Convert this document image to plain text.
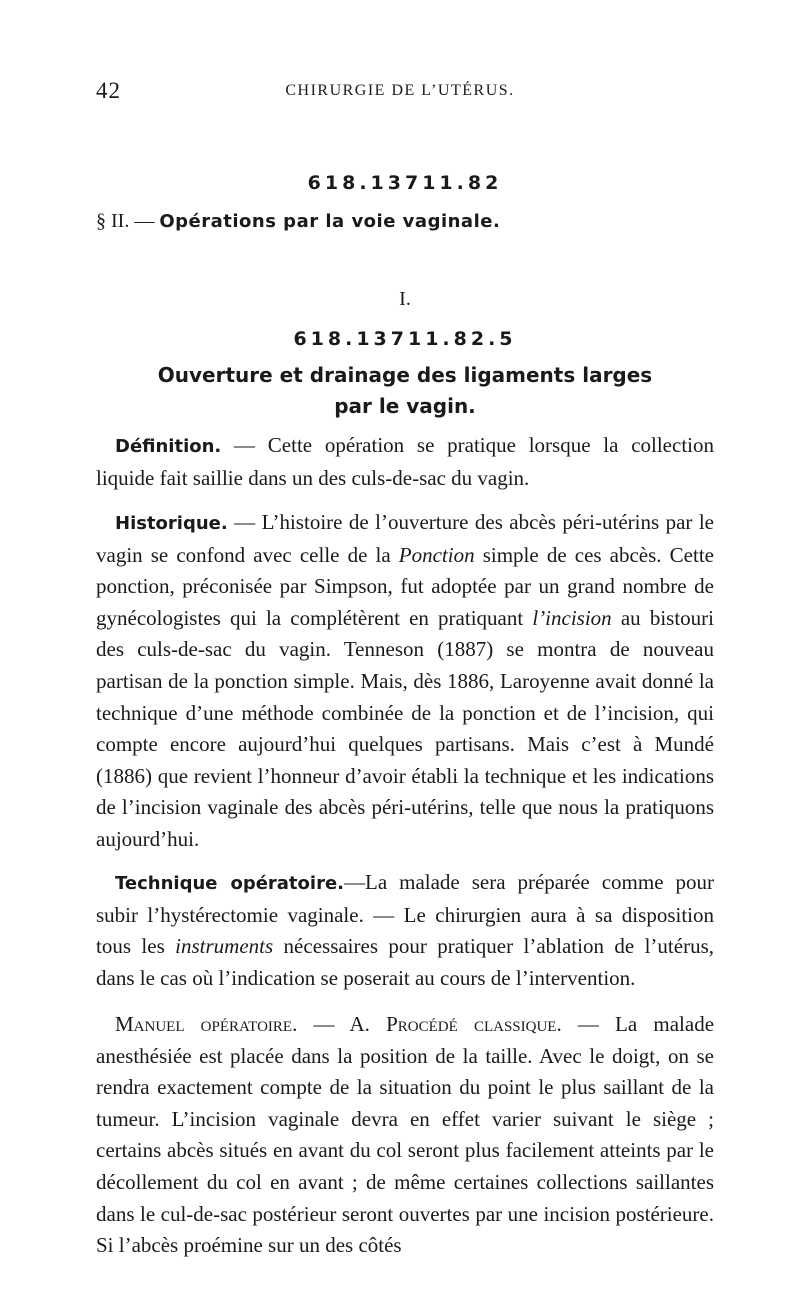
42	CHIRURGIE DE L’UTÉRUS.
618.13711.82
§ II. — Opérations par la voie vaginale.
I.
618.13711.82.5
Ouverture et drainage des ligaments larges
par le vagin.

Définition. — Cette opération se pratique lorsque la collection liquide fait saillie dans un des culs-de-sac du vagin.

Historique. — L’histoire de l’ouverture des abcès péri-utérins par le vagin se confond avec celle de la Ponction simple de ces abcès. Cette ponction, préconisée par Simpson, fut adoptée par un grand nombre de gynécologistes qui la complétèrent en pratiquant l’incision au bistouri des culs-de-sac du vagin. Tenneson (1887) se montra de nouveau partisan de la ponction simple. Mais, dès 1886, Laroyenne avait donné la technique d’une méthode combinée de la ponction et de l’incision, qui compte encore aujourd’hui quelques partisans. Mais c’est à Mundé (1886) que revient l’honneur d’avoir établi la technique et les indications de l’incision vaginale des abcès péri-utérins, telle que nous la pratiquons aujourd’hui.

Technique opératoire.—La malade sera préparée comme pour subir l’hystérectomie vaginale. — Le chirurgien aura à sa disposition tous les instruments nécessaires pour pratiquer l’ablation de l’utérus, dans le cas où l’indication se poserait au cours de l’intervention.

Manuel opératoire. — A. Procédé classique. — La malade anesthésiée est placée dans la position de la taille. Avec le doigt, on se rendra exactement compte de la situation du point le plus saillant de la tumeur. L’incision vaginale devra en effet varier suivant le siège ; certains abcès situés en avant du col seront plus facilement atteints par le décollement du col en avant ; de même certaines collections saillantes dans le cul-de-sac postérieur seront ouvertes par une incision postérieure. Si l’abcès proémine sur un des côtés
